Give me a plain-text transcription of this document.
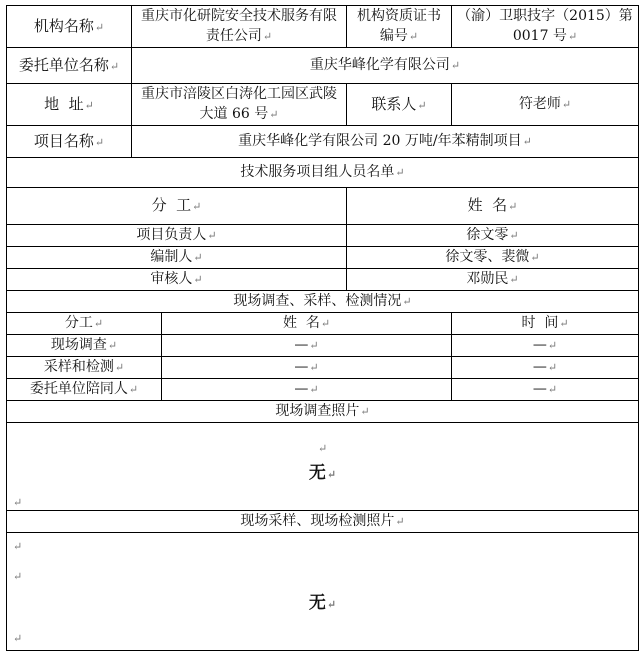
机构名称↵	重庆市化研院安全技术服务有限责任公司↵		机构资质证书编号↵	（渝）卫职技字（2015）第 0017 号↵
委托单位名称↵	重庆华峰化学有限公司↵			
地  址↵	重庆市涪陵区白涛化工园区武陵大道 66 号↵		联系人↵	符老师↵
项目名称↵	重庆华峰化学有限公司 20 万吨/年苯精制项目↵			
技术服务项目组人员名单↵				
分  工↵			姓  名↵	
项目负责人↵			徐文零↵	
编制人↵			徐文零、裴微↵	
审核人↵			邓勋民↵	
现场调查、采样、检测情况↵				
分工↵		姓  名↵		时  间↵
现场调查↵		—↵		—↵
采样和检测↵		—↵		—↵
委托单位陪同人↵		—↵		—↵
现场调查照片↵				

↵
无↵
↵				

现场采样、现场检测照片↵				

↵
↵
无↵
↵				
